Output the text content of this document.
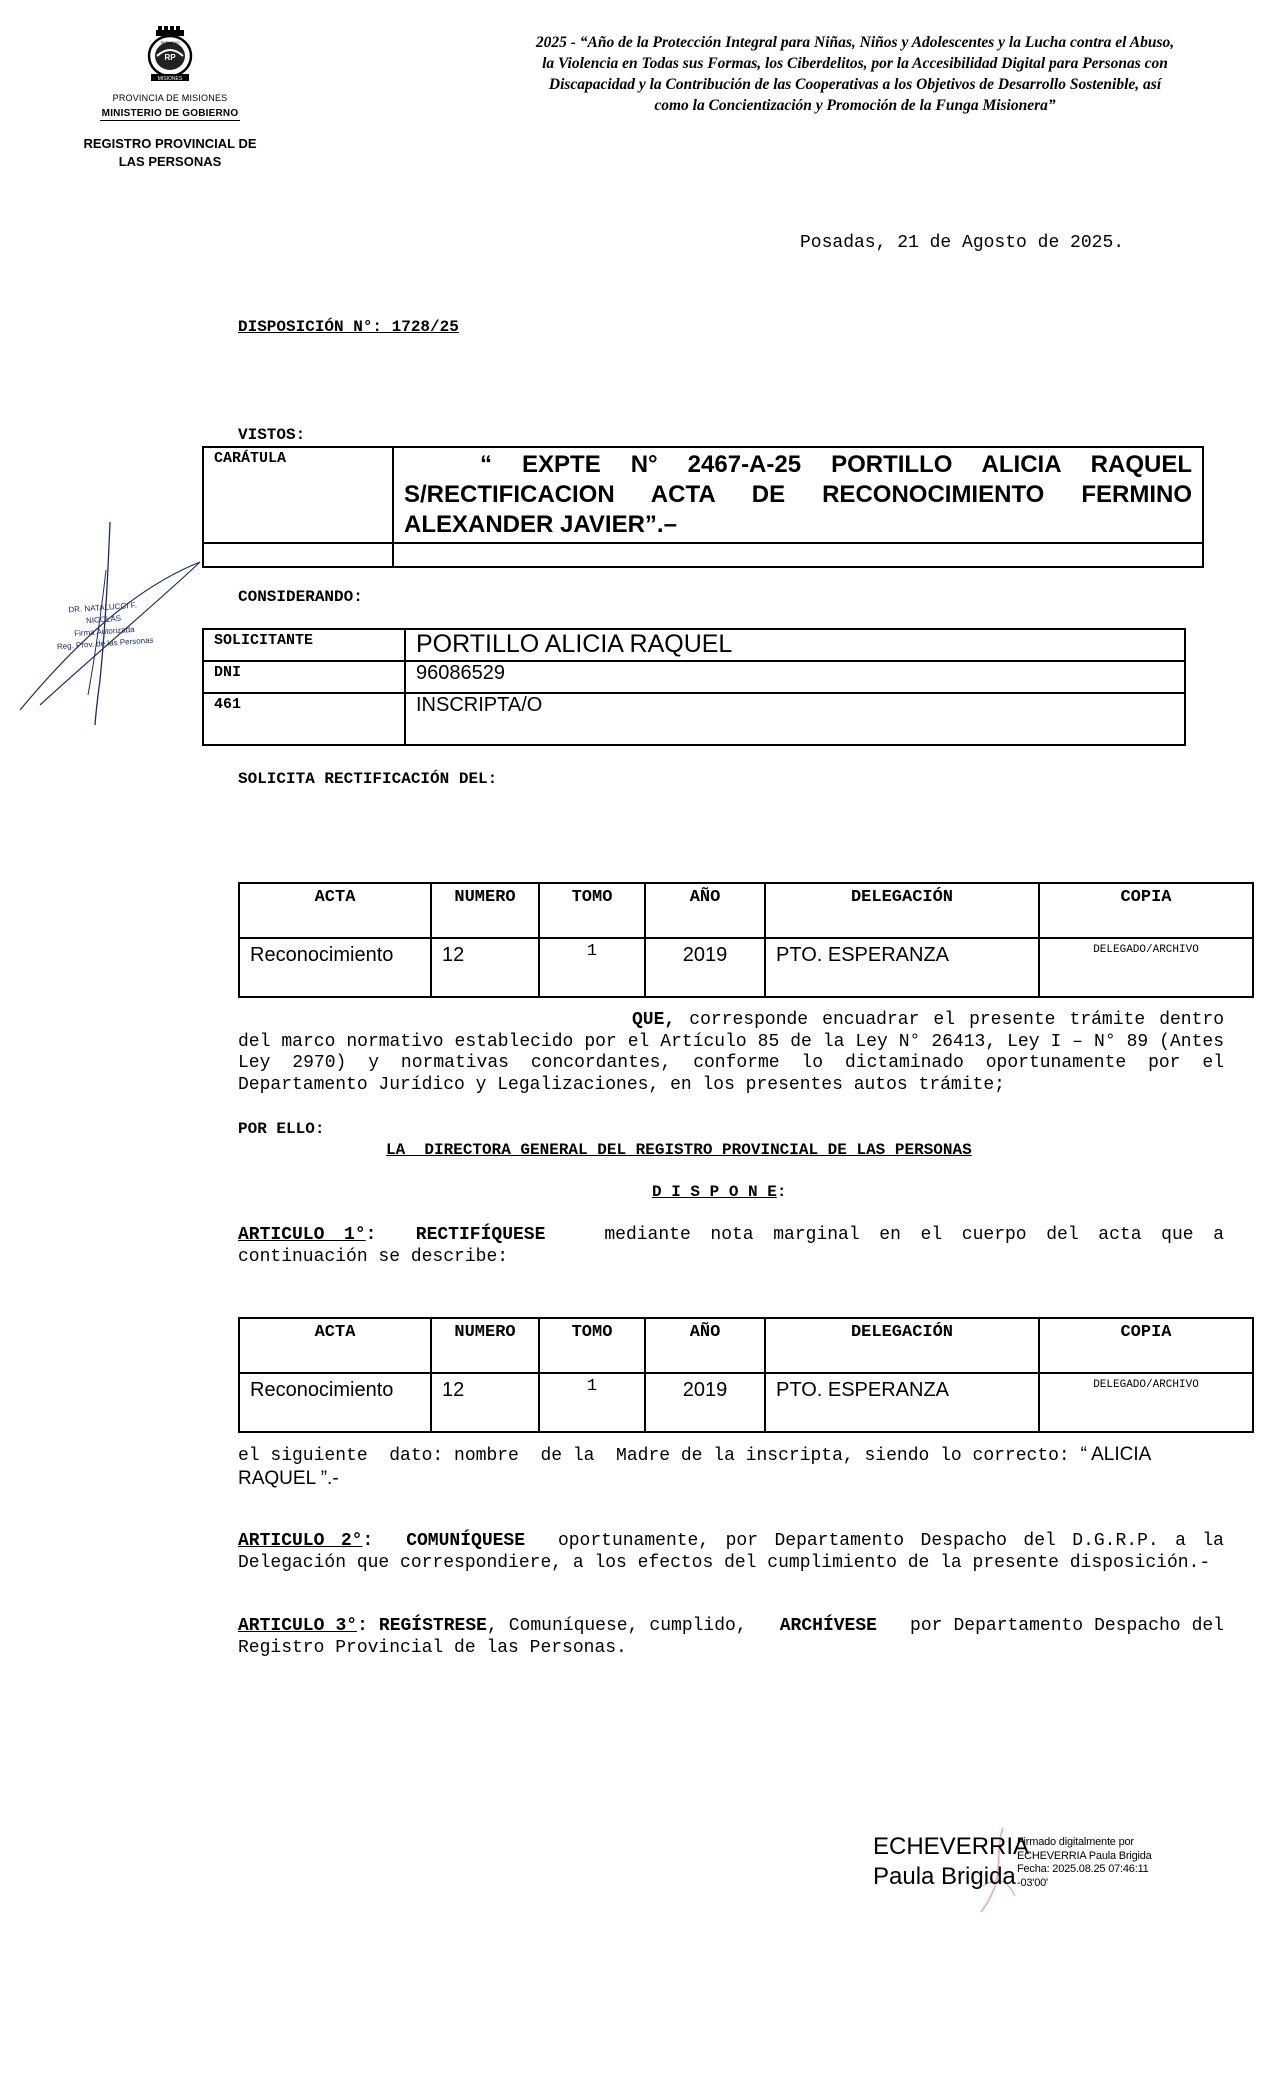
RP
MISIONES
SERVICIO
PROVINCIA DE MISIONES
MINISTERIO DE GOBIERNO
REGISTRO PROVINCIAL DE
LAS PERSONAS
2025 - “Año de la Protección Integral para Niñas, Niños y Adolescentes y la Lucha contra el Abuso, la Violencia en Todas sus Formas, los Ciberdelitos, por la Accesibilidad Digital para Personas con Discapacidad y la Contribución de las Cooperativas a los Objetivos de Desarrollo Sostenible, así como la Concientización y Promoción de la Funga Misionera”
Posadas, 21 de Agosto de 2025.
DISPOSICIÓN N°: 1728/25
VISTOS:
CARÁTULA	“ EXPTE N° 2467-A-25 PORTILLO ALICIA RAQUEL S/RECTIFICACION ACTA DE RECONOCIMIENTO FERMINO ALEXANDER JAVIER”.–

CONSIDERANDO:
SOLICITANTE	PORTILLO ALICIA RAQUEL
DNI	96086529
461	INSCRIPTA/O
SOLICITA RECTIFICACIÓN DEL:
ACTA	NUMERO	TOMO	AÑO	DELEGACIÓN	COPIA
Reconocimiento	12	1	2019	PTO. ESPERANZA	DELEGADO/ARCHIVO
QUE, corresponde encuadrar el presente trámite dentro del marco normativo establecido por el Artículo 85 de la Ley N° 26413, Ley I – N° 89 (Antes Ley 2970) y normativas concordantes, conforme lo dictaminado oportunamente por el Departamento Jurídico y Legalizaciones, en los presentes autos trámite;
POR ELLO:
LA  DIRECTORA GENERAL DEL REGISTRO PROVINCIAL DE LAS PERSONAS
D I S P O N E:
ARTICULO 1°: RECTIFÍQUESE	mediante nota marginal en el cuerpo del acta que a continuación se describe:
ACTA	NUMERO	TOMO	AÑO	DELEGACIÓN	COPIA
Reconocimiento	12	1	2019	PTO. ESPERANZA	DELEGADO/ARCHIVO
el siguiente  dato: nombre  de la  Madre de la inscripta, siendo lo correcto: “ ALICIA RAQUEL ”.-
ARTICULO 2°: COMUNÍQUESE oportunamente, por Departamento Despacho del D.G.R.P. a la Delegación que correspondiere, a los efectos del cumplimiento de la presente disposición.-
ARTICULO 3°: REGÍSTRESE, Comuníquese, cumplido, ARCHÍVESE por Departamento Despacho del Registro Provincial de las Personas.
DR. NATALUCCI F. NICOLAS
Firma Autorizada
Reg. Prov. de las Personas
ECHEVERRIA
Paula Brigida
Firmado digitalmente por
ECHEVERRIA Paula Brigida
Fecha: 2025.08.25 07:46:11
-03'00'
